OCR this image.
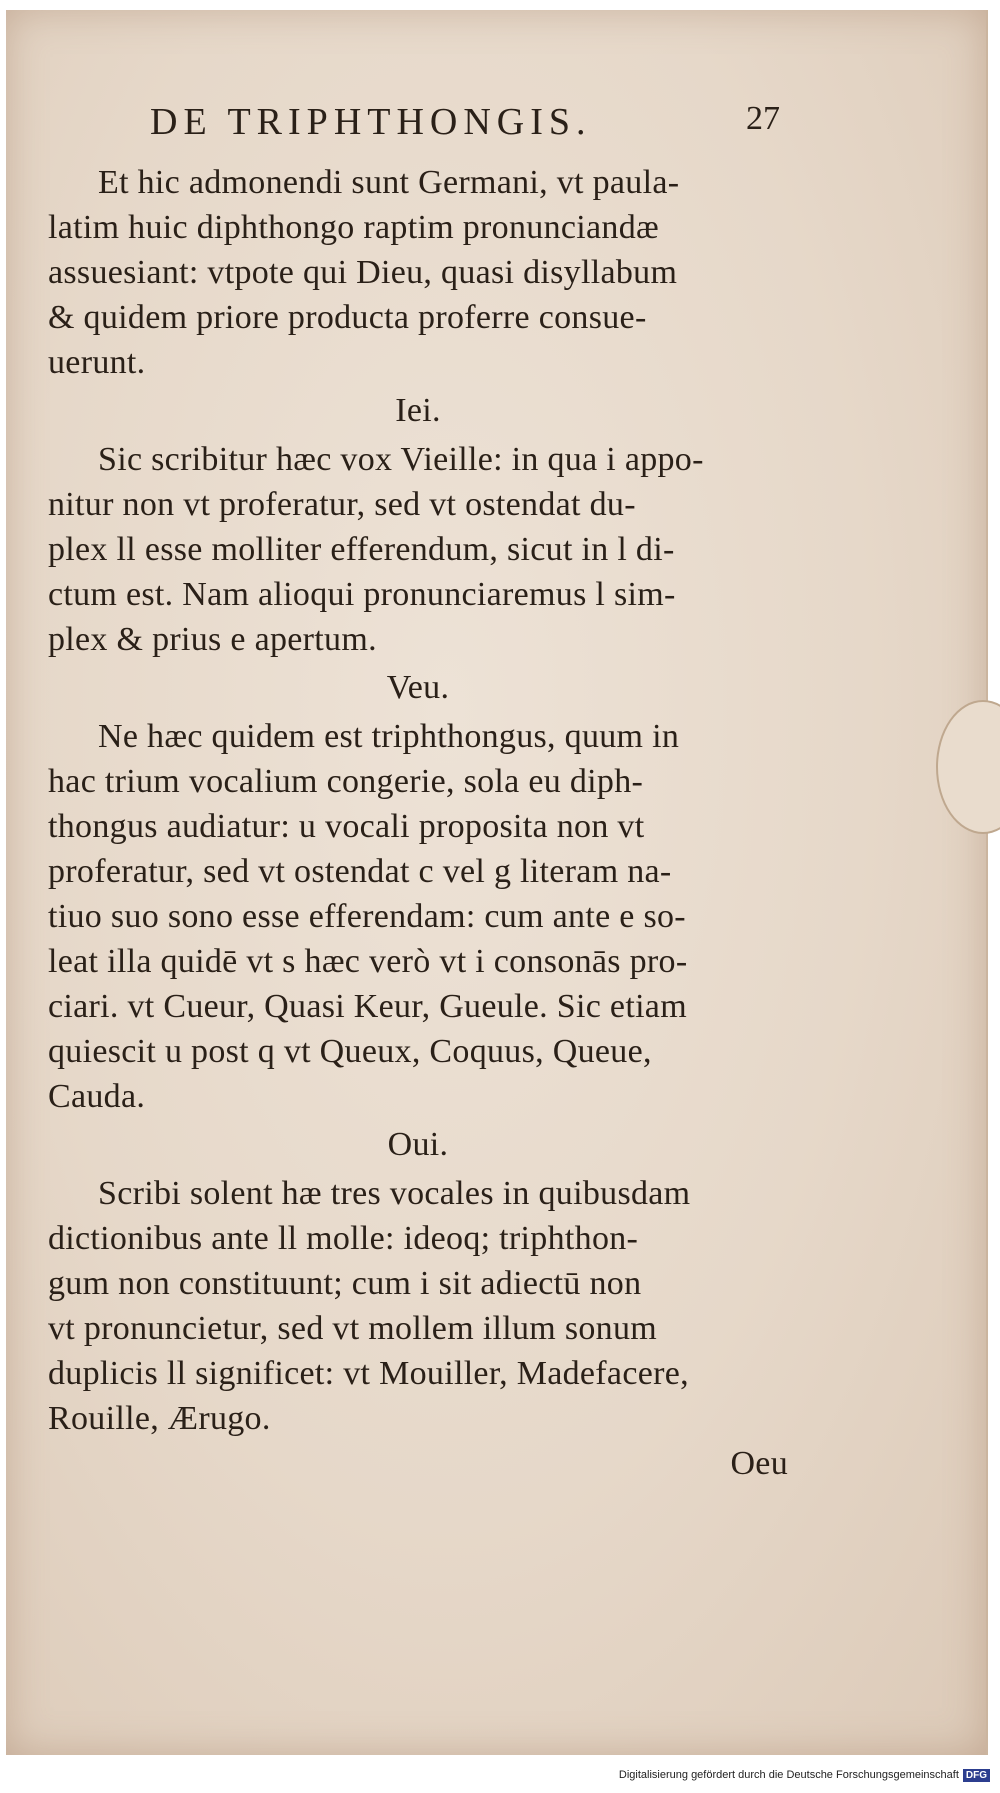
DE TRIPHTHONGIS.	27
Et hic admonendi sunt Germani, vt paula-
latim huic diphthongo raptim pronunciandæ
assuesiant: vtpote qui Dieu, quasi disyllabum
& quidem priore producta proferre consue-
uerunt.
Iei.
Sic scribitur hæc vox Vieille: in qua i appo-
nitur non vt proferatur, sed vt ostendat du-
plex ll esse molliter efferendum, sicut in l di-
ctum est. Nam alioqui pronunciaremus l sim-
plex & prius e apertum.
Veu.
Ne hæc quidem est triphthongus, quum in
hac trium vocalium congerie, sola eu diph-
thongus audiatur: u vocali proposita non vt
proferatur, sed vt ostendat c vel g literam na-
tiuo suo sono esse efferendam: cum ante e so-
leat illa quidē vt s hæc verò vt i consonās pro-
ciari. vt Cueur, Quasi Keur, Gueule. Sic etiam
quiescit u post q vt Queux, Coquus, Queue,
Cauda.
Oui.
Scribi solent hæ tres vocales in quibusdam
dictionibus ante ll molle: ideoq; triphthon-
gum non constituunt; cum i sit adiectū non
vt pronuncietur, sed vt mollem illum sonum
duplicis ll significet: vt Mouiller, Madefacere,
Rouille, Ærugo.
Oeu
Digitalisierung gefördert durch die Deutsche Forschungsgemeinschaft DFG
